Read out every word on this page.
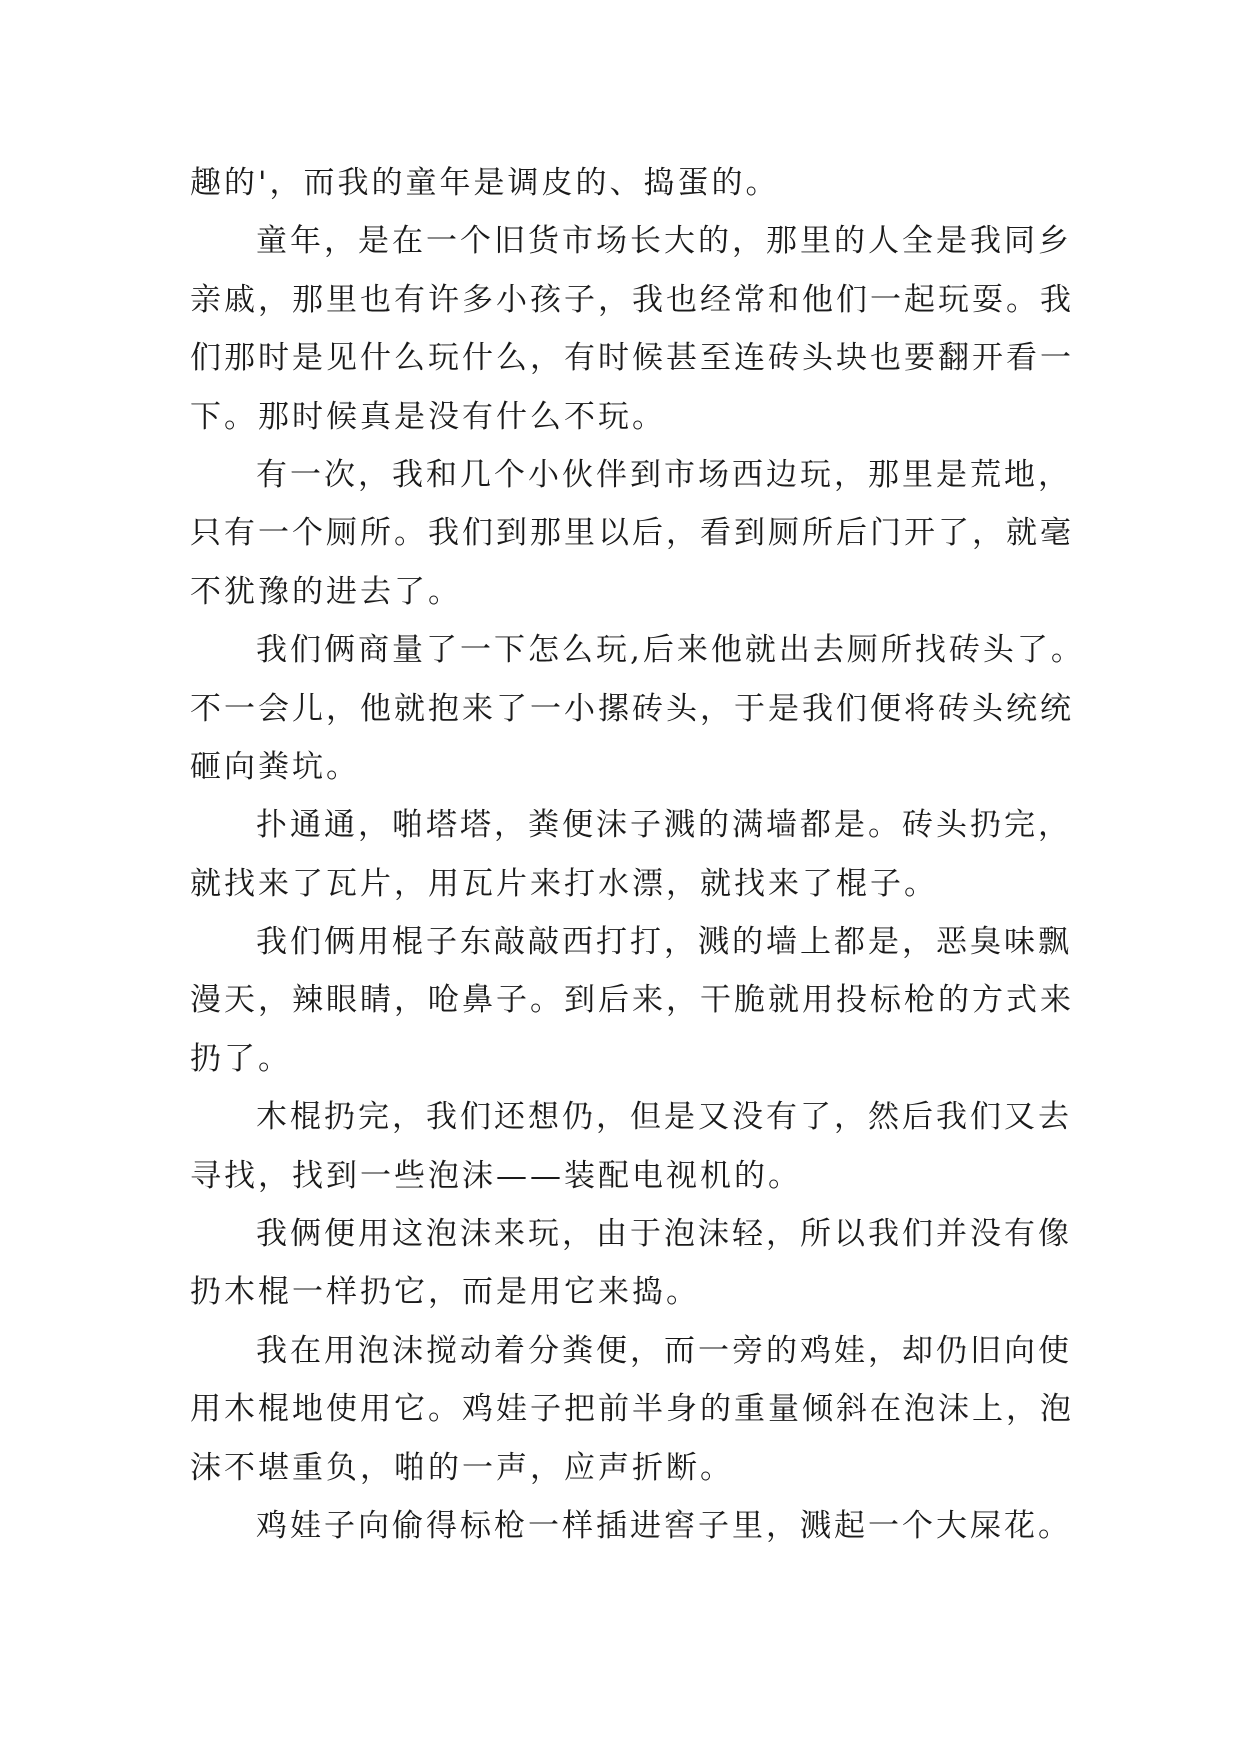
趣的'，而我的童年是调皮的、捣蛋的。
童年，是在一个旧货市场长大的，那里的人全是我同乡
亲戚，那里也有许多小孩子，我也经常和他们一起玩耍。我
们那时是见什么玩什么，有时候甚至连砖头块也要翻开看一
下。那时候真是没有什么不玩。
有一次，我和几个小伙伴到市场西边玩，那里是荒地，
只有一个厕所。我们到那里以后，看到厕所后门开了，就毫
不犹豫的进去了。
我们俩商量了一下怎么玩,后来他就出去厕所找砖头了。
不一会儿，他就抱来了一小摞砖头，于是我们便将砖头统统
砸向粪坑。
扑通通，啪塔塔，粪便沫子溅的满墙都是。砖头扔完，
就找来了瓦片，用瓦片来打水漂，就找来了棍子。
我们俩用棍子东敲敲西打打，溅的墙上都是，恶臭味飘
漫天，辣眼睛，呛鼻子。到后来，干脆就用投标枪的方式来
扔了。
木棍扔完，我们还想仍，但是又没有了，然后我们又去
寻找，找到一些泡沫——装配电视机的。
我俩便用这泡沫来玩，由于泡沫轻，所以我们并没有像
扔木棍一样扔它，而是用它来捣。
我在用泡沫搅动着分粪便，而一旁的鸡娃，却仍旧向使
用木棍地使用它。鸡娃子把前半身的重量倾斜在泡沫上，泡
沫不堪重负，啪的一声，应声折断。
鸡娃子向偷得标枪一样插进窖子里，溅起一个大屎花。
